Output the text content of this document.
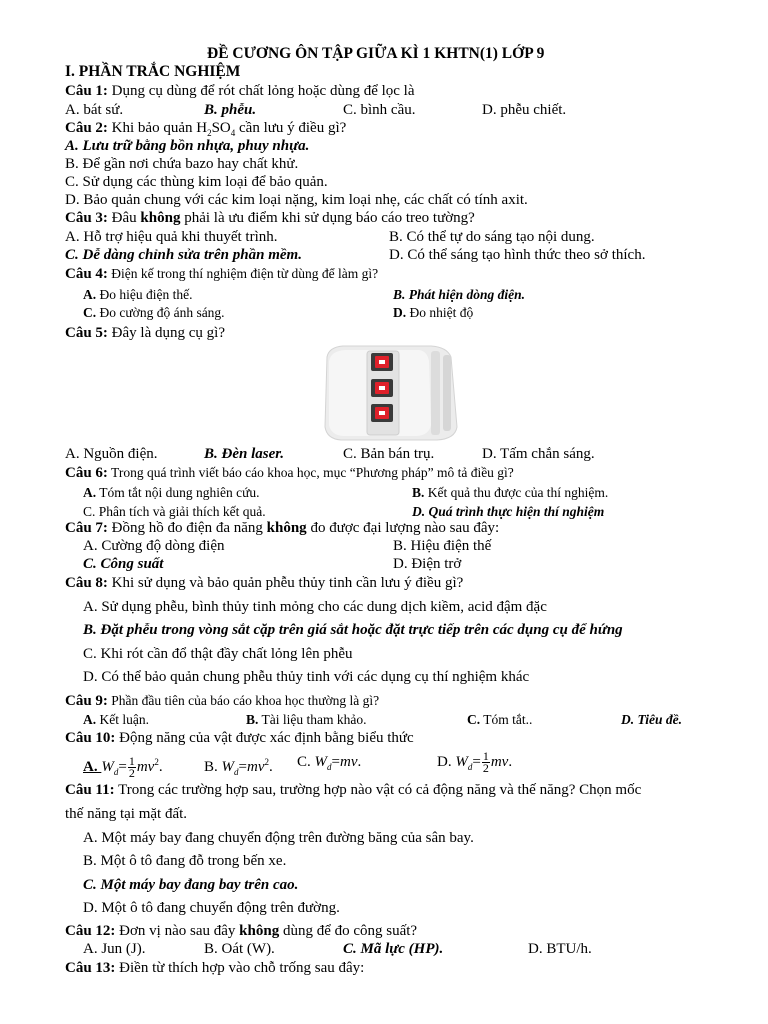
ĐỀ CƯƠNG ÔN TẬP GIỮA KÌ 1 KHTN(1) LỚP 9
I. PHẦN TRẮC NGHIỆM
Câu 1: Dụng cụ dùng để rót chất lỏng hoặc dùng để lọc là
A. bát sứ.	B. phễu.	C. bình cầu.	D. phễu chiết.
Câu 2: Khi bảo quản $H_2SO_4$ cần lưu ý điều gì?
A. Lưu trữ bằng bồn nhựa, phuy nhựa.
B. Để gần nơi chứa bazo hay chất khử.
C. Sử dụng các thùng kim loại để bảo quản.
D. Bảo quản chung với các kim loại nặng, kim loại nhẹ, các chất có tính axit.
Câu 3: Đâu không phải là ưu điểm khi sử dụng báo cáo treo tường?
A. Hỗ trợ hiệu quả khi thuyết trình.	B. Có thể tự do sáng tạo nội dung.
C. Dễ dàng chỉnh sửa trên phần mềm.	D. Có thể sáng tạo hình thức theo sở thích.
Câu 4: Điện kế trong thí nghiệm điện từ dùng để làm gì?
A. Đo hiệu điện thế.	B. Phát hiện dòng điện.
C. Đo cường độ ánh sáng.	D. Đo nhiệt độ
Câu 5: Đây là dụng cụ gì?
A. Nguồn điện.	B. Đèn laser.	C. Bản bán trụ.	D. Tấm chắn sáng.
Câu 6: Trong quá trình viết báo cáo khoa học, mục “Phương pháp” mô tả điều gì?
A. Tóm tắt nội dung nghiên cứu.	B. Kết quả thu được của thí nghiệm.
C. Phân tích và giải thích kết quả.	D. Quá trình thực hiện thí nghiệm
Câu 7: Đồng hồ đo điện đa năng không đo được đại lượng nào sau đây:
A. Cường độ dòng điện	B. Hiệu điện thế
C. Công suất	D. Điện trở
Câu 8: Khi sử dụng và bảo quản phễu thủy tinh cần lưu ý điều gì?
A. Sử dụng phễu, bình thủy tinh mỏng cho các dung dịch kiềm, acid đậm đặc
B. Đặt phễu trong vòng sắt cặp trên giá sắt hoặc đặt trực tiếp trên các dụng cụ để hứng
C. Khi rót cần đổ thật đầy chất lỏng lên phễu
D. Có thể bảo quản chung phễu thủy tinh với các dụng cụ thí nghiệm khác
Câu 9: Phần đầu tiên của báo cáo khoa học thường là gì?
A. Kết luận.	B. Tài liệu tham khảo.	C. Tóm tắt..	D. Tiêu đề.
Câu 10: Động năng của vật được xác định bằng biểu thức
A. $W_d= \frac{1}{2} mv^2$.	B. $W_d=mv^2$. C. $W_d=mv$.	D. $W_d= \frac{1}{2}$ mv.
Câu 11: Trong các trường hợp sau, trường hợp nào vật có cả động năng và thế năng? Chọn mốc
thế năng tại mặt đất.
A. Một máy bay đang chuyển động trên đường băng của sân bay.
B. Một ô tô đang đỗ trong bến xe.
C. Một máy bay đang bay trên cao.
D. Một ô tô đang chuyển động trên đường.
Câu 12: Đơn vị nào sau đây không dùng để đo công suất?
A. Jun (J).	B. Oát (W).	C. Mã lực (HP).	D. BTU/h.
Câu 13: Điền từ thích hợp vào chỗ trống sau đây:
